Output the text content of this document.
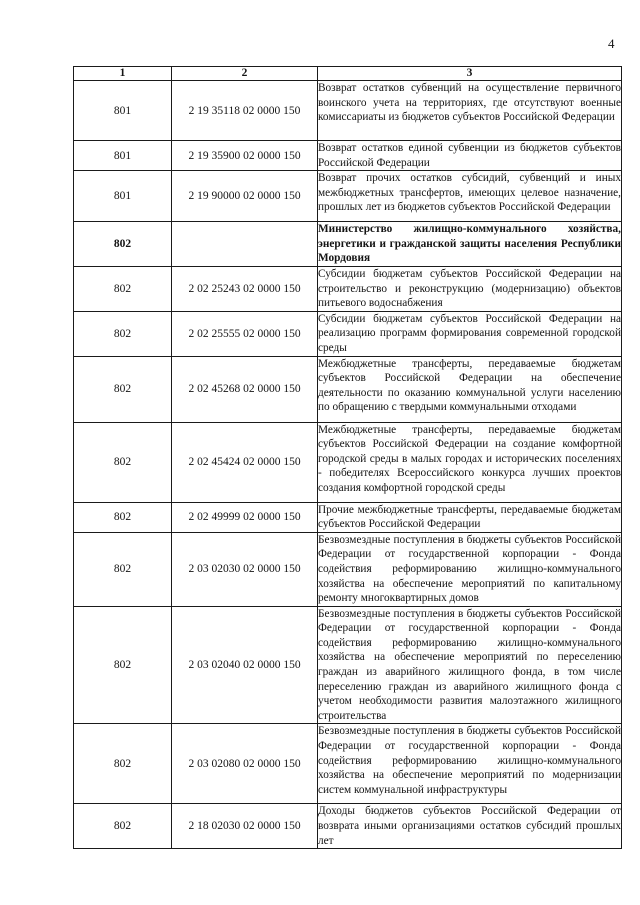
4
1	2	3
801	2 19 35118 02 0000 150	Возврат остатков субвенций на осуществление первичного воинского учета на территориях, где отсутствуют военные комиссариаты из бюджетов субъектов Российской Федерации
801	2 19 35900 02 0000 150	Возврат остатков единой субвенции из бюджетов субъектов Российской Федерации
801	2 19 90000 02 0000 150	Возврат прочих остатков субсидий, субвенций и иных межбюджетных трансфертов, имеющих целевое назначение, прошлых лет из бюджетов субъектов Российской Федерации
802		Министерство жилищно-коммунального хозяйства, энергетики и гражданской защиты населения Республики Мордовия
802	2 02 25243 02 0000 150	Субсидии бюджетам субъектов Российской Федерации на строительство и реконструкцию (модернизацию) объектов питьевого водоснабжения
802	2 02 25555 02 0000 150	Субсидии бюджетам субъектов Российской Федерации на реализацию программ формирования современной городской среды
802	2 02 45268 02 0000 150	Межбюджетные трансферты, передаваемые бюджетам субъектов Российской Федерации на обеспечение деятельности по оказанию коммунальной услуги населению по обращению с твердыми коммунальными отходами
802	2 02 45424 02 0000 150	Межбюджетные трансферты, передаваемые бюджетам субъектов Российской Федерации на создание комфортной городской среды в малых городах и исторических поселениях - победителях Всероссийского конкурса лучших проектов создания комфортной городской среды
802	2 02 49999 02 0000 150	Прочие межбюджетные трансферты, передаваемые бюджетам субъектов Российской Федерации
802	2 03 02030 02 0000 150	Безвозмездные поступления в бюджеты субъектов Российской Федерации от государственной корпорации - Фонда содействия реформированию жилищно-коммунального хозяйства на обеспечение мероприятий по капитальному ремонту многоквартирных домов
802	2 03 02040 02 0000 150	Безвозмездные поступления в бюджеты субъектов Российской Федерации от государственной корпорации - Фонда содействия реформированию жилищно-коммунального хозяйства на обеспечение мероприятий по переселению граждан из аварийного жилищного фонда, в том числе переселению граждан из аварийного жилищного фонда с учетом необходимости развития малоэтажного жилищного строительства
802	2 03 02080 02 0000 150	Безвозмездные поступления в бюджеты субъектов Российской Федерации от государственной корпорации - Фонда содействия реформированию жилищно-коммунального хозяйства на обеспечение мероприятий по модернизации систем коммунальной инфраструктуры
802	2 18 02030 02 0000 150	Доходы бюджетов субъектов Российской Федерации от возврата иными организациями остатков субсидий прошлых лет
